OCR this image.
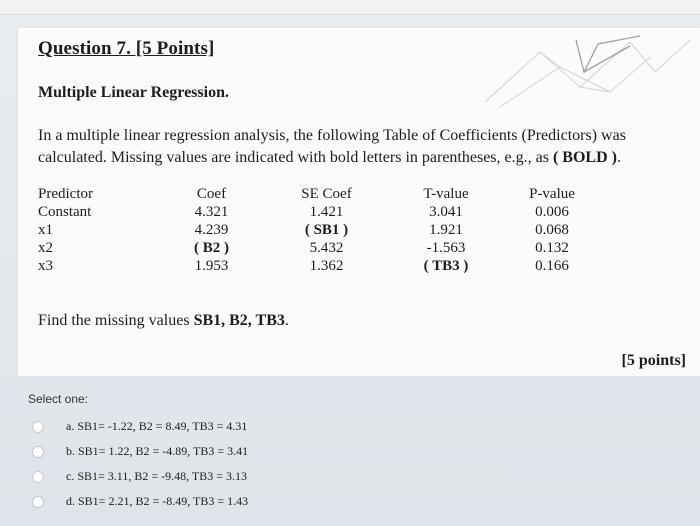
Question 7. [5 Points]
Multiple Linear Regression.
In a multiple linear regression analysis, the following Table of Coefficients (Predictors) was calculated. Missing values are indicated with bold letters in parentheses, e.g., as ( BOLD ).
Predictor	Coef	SE Coef	T-value	P-value
Constant	4.321	1.421	3.041	0.006
x1	4.239	( SB1 )	1.921	0.068
x2	( B2 )	5.432	-1.563	0.132
x3	1.953	1.362	( TB3 )	0.166
Find the missing values SB1, B2, TB3.
[5 points]
Select one:
a. SB1= -1.22, B2 = 8.49, TB3 = 4.31
b. SB1= 1.22, B2 = -4.89, TB3 = 3.41
c. SB1= 3.11, B2 = -9.48, TB3 = 3.13
d. SB1= 2.21, B2 = -8.49, TB3 = 1.43
